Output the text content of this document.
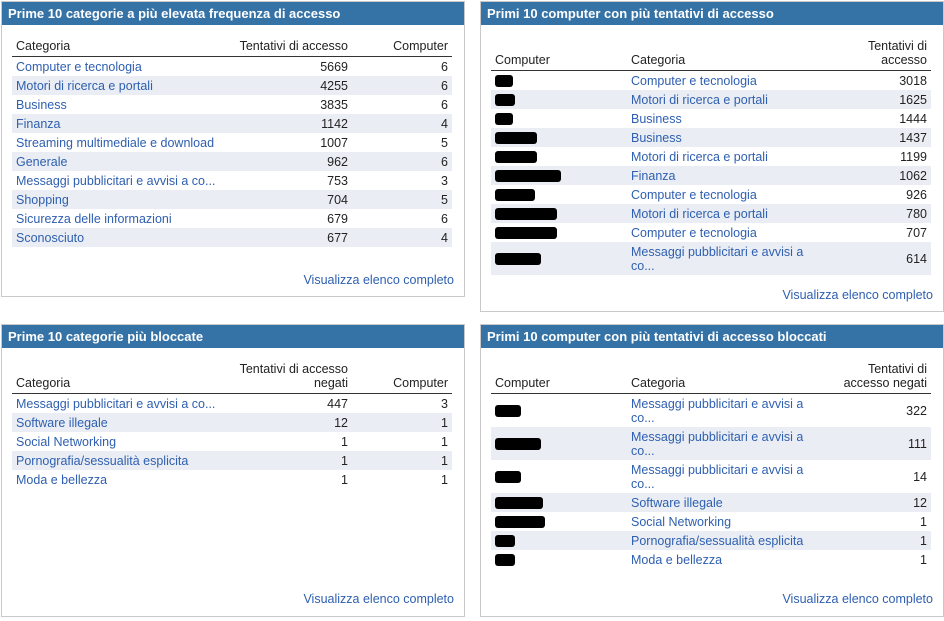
Prime 10 categorie a più elevata frequenza di accesso
Categoria	Tentativi di accesso	Computer
Computer e tecnologia	5669	6
Motori di ricerca e portali	4255	6
Business	3835	6
Finanza	1142	4
Streaming multimediale e download	1007	5
Generale	962	6
Messaggi pubblicitari e avvisi a co...	753	3
Shopping	704	5
Sicurezza delle informazioni	679	6
Sconosciuto	677	4
Visualizza elenco completo
Primi 10 computer con più tentativi di accesso
Computer	Categoria	Tentativi di accesso
	Computer e tecnologia	3018
	Motori di ricerca e portali	1625
	Business	1444
	Business	1437
	Motori di ricerca e portali	1199
	Finanza	1062
	Computer e tecnologia	926
	Motori di ricerca e portali	780
	Computer e tecnologia	707
	Messaggi pubblicitari e avvisi a co...	614
Visualizza elenco completo
Prime 10 categorie più bloccate
Categoria	Tentativi di accesso negati	Computer
Messaggi pubblicitari e avvisi a co...	447	3
Software illegale	12	1
Social Networking	1	1
Pornografia/sessualità esplicita	1	1
Moda e bellezza	1	1
Visualizza elenco completo
Primi 10 computer con più tentativi di accesso bloccati
Computer	Categoria	Tentativi di accesso negati
	Messaggi pubblicitari e avvisi a co...	322
	Messaggi pubblicitari e avvisi a co...	111
	Messaggi pubblicitari e avvisi a co...	14
	Software illegale	12
	Social Networking	1
	Pornografia/sessualità esplicita	1
	Moda e bellezza	1
Visualizza elenco completo
